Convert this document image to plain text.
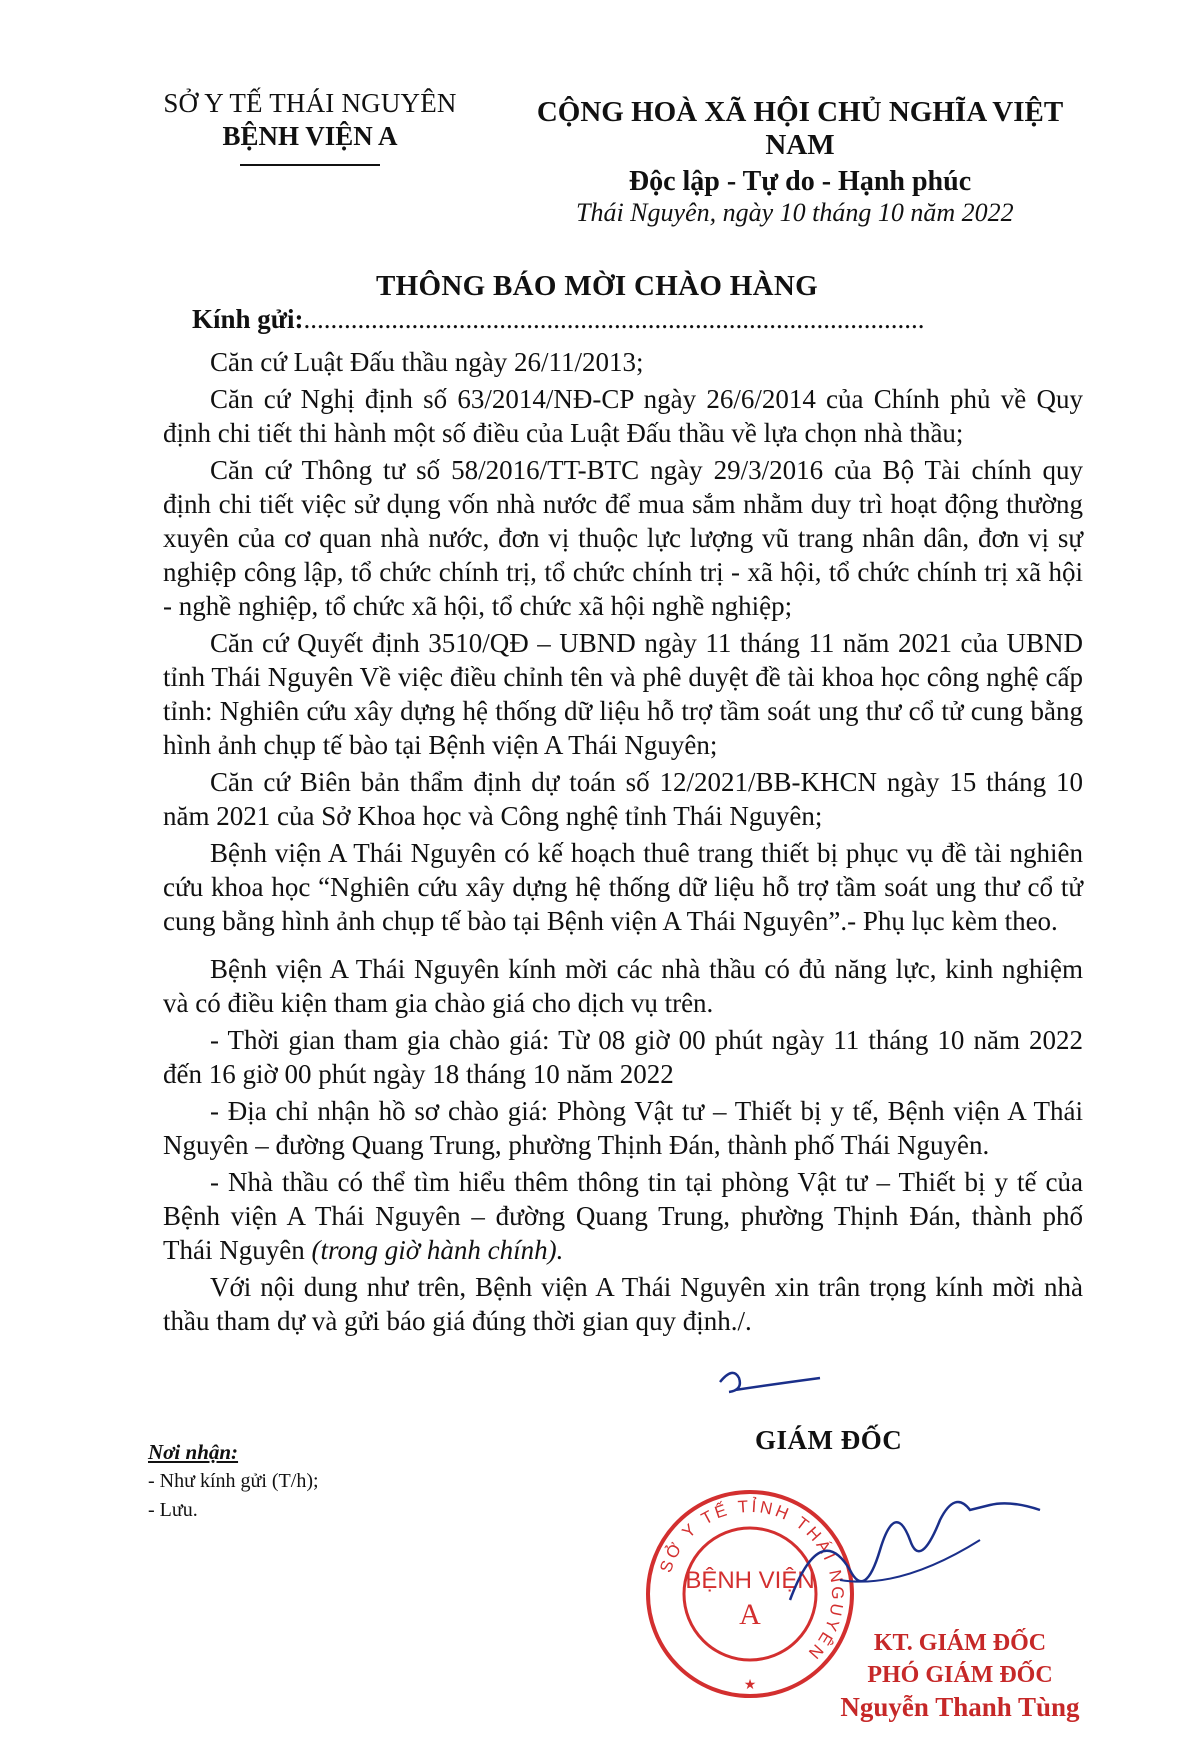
SỞ Y TẾ THÁI NGUYÊN
BỆNH VIỆN A
CỘNG HOÀ XÃ HỘI CHỦ NGHĨA VIỆT NAM
Độc lập - Tự do - Hạnh phúc
Thái Nguyên, ngày 10 tháng 10 năm 2022
THÔNG BÁO MỜI CHÀO HÀNG
Kính gửi:............................................................................................

Căn cứ Luật Đấu thầu ngày 26/11/2013;

Căn cứ Nghị định số 63/2014/NĐ-CP ngày 26/6/2014 của Chính phủ về Quy định chi tiết thi hành một số điều của Luật Đấu thầu về lựa chọn nhà thầu;

Căn cứ Thông tư số 58/2016/TT-BTC ngày 29/3/2016 của Bộ Tài chính quy định chi tiết việc sử dụng vốn nhà nước để mua sắm nhằm duy trì hoạt động thường xuyên của cơ quan nhà nước, đơn vị thuộc lực lượng vũ trang nhân dân, đơn vị sự nghiệp công lập, tổ chức chính trị, tổ chức chính trị - xã hội, tổ chức chính trị xã hội - nghề nghiệp, tổ chức xã hội, tổ chức xã hội nghề nghiệp;

Căn cứ Quyết định 3510/QĐ – UBND ngày 11 tháng 11 năm 2021 của UBND tỉnh Thái Nguyên Về việc điều chỉnh tên và phê duyệt đề tài khoa học công nghệ cấp tỉnh: Nghiên cứu xây dựng hệ thống dữ liệu hỗ trợ tầm soát ung thư cổ tử cung bằng hình ảnh chụp tế bào tại Bệnh viện A Thái Nguyên;

Căn cứ Biên bản thẩm định dự toán số 12/2021/BB-KHCN ngày 15 tháng 10 năm 2021 của Sở Khoa học và Công nghệ tỉnh Thái Nguyên;

Bệnh viện A Thái Nguyên có kế hoạch thuê trang thiết bị phục vụ đề tài nghiên cứu khoa học “Nghiên cứu xây dựng hệ thống dữ liệu hỗ trợ tầm soát ung thư cổ tử cung bằng hình ảnh chụp tế bào tại Bệnh viện A Thái Nguyên”.- Phụ lục kèm theo.

Bệnh viện A Thái Nguyên kính mời các nhà thầu có đủ năng lực, kinh nghiệm và có điều kiện tham gia chào giá cho dịch vụ trên.

- Thời gian tham gia chào giá: Từ 08 giờ 00 phút ngày 11 tháng 10 năm 2022 đến 16 giờ 00 phút ngày 18 tháng 10 năm 2022

- Địa chỉ nhận hồ sơ chào giá: Phòng Vật tư – Thiết bị y tế, Bệnh viện A Thái Nguyên – đường Quang Trung, phường Thịnh Đán, thành phố Thái Nguyên.

- Nhà thầu có thể tìm hiểu thêm thông tin tại phòng Vật tư – Thiết bị y tế của Bệnh viện A Thái Nguyên – đường Quang Trung, phường Thịnh Đán, thành phố Thái Nguyên (trong giờ hành chính).

Với nội dung như trên, Bệnh viện A Thái Nguyên xin trân trọng kính mời nhà thầu tham dự và gửi báo giá đúng thời gian quy định./.

Nơi nhận:
- Như kính gửi (T/h);
- Lưu.
GIÁM ĐỐC
SỞ Y TẾ TỈNH THÁI NGUYÊN
BỆNH VIỆN
A
★
KT. GIÁM ĐỐC
PHÓ GIÁM ĐỐC
Nguyễn Thanh Tùng
